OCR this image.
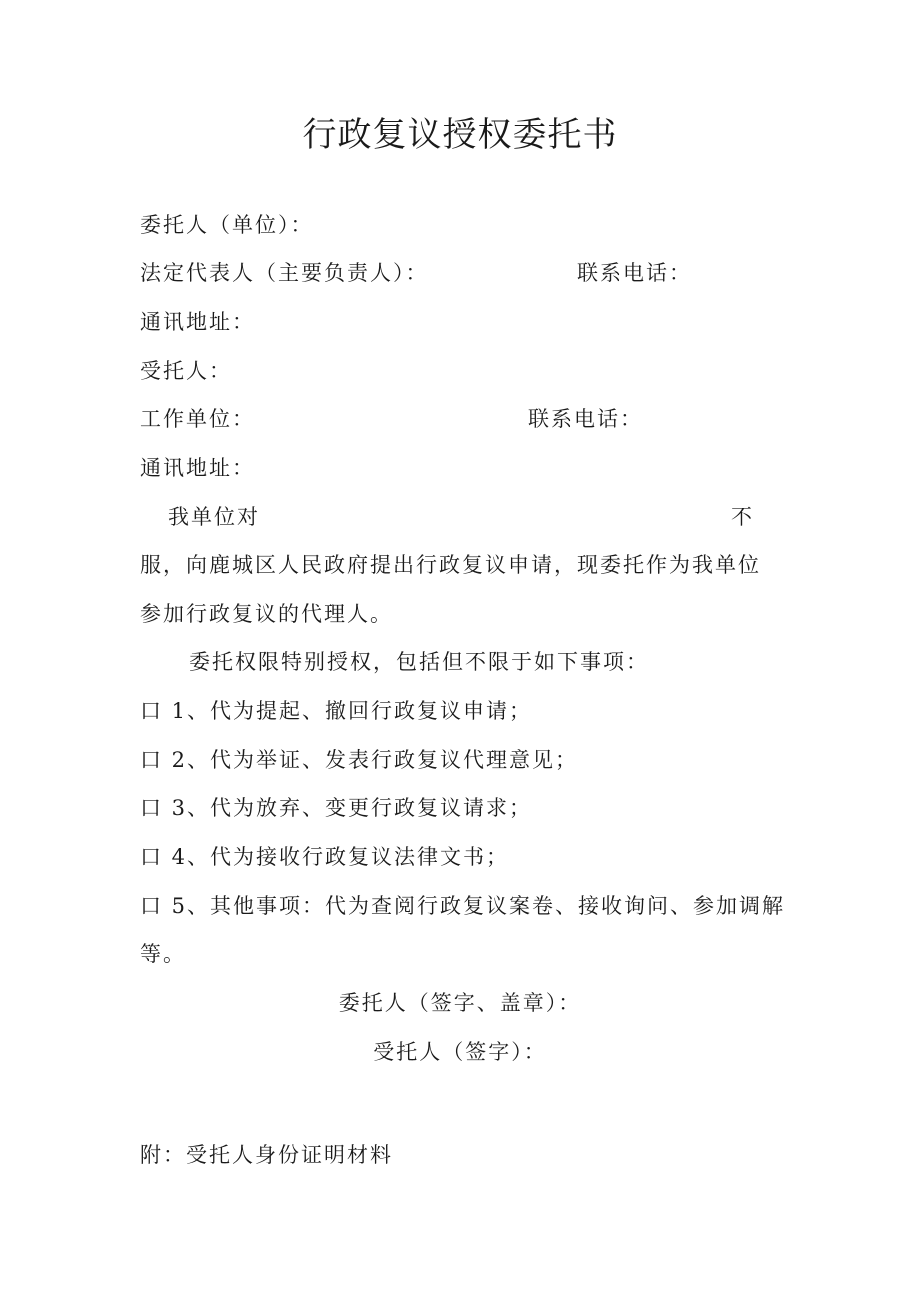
行政复议授权委托书
委托人（单位）：
法定代表人（主要负责人）：	联系电话：
通讯地址：
受托人：
工作单位：	联系电话：
通讯地址：
我单位对	不
服，向鹿城区人民政府提出行政复议申请，现委托作为我单位
参加行政复议的代理人。
委托权限特别授权，包括但不限于如下事项：
口 1、代为提起、撤回行政复议申请；
口 2、代为举证、发表行政复议代理意见；
口 3、代为放弃、变更行政复议请求；
口 4、代为接收行政复议法律文书；
口 5、其他事项：代为查阅行政复议案卷、接收询问、参加调解
等。
委托人（签字、盖章）：
受托人（签字）：
附：受托人身份证明材料
